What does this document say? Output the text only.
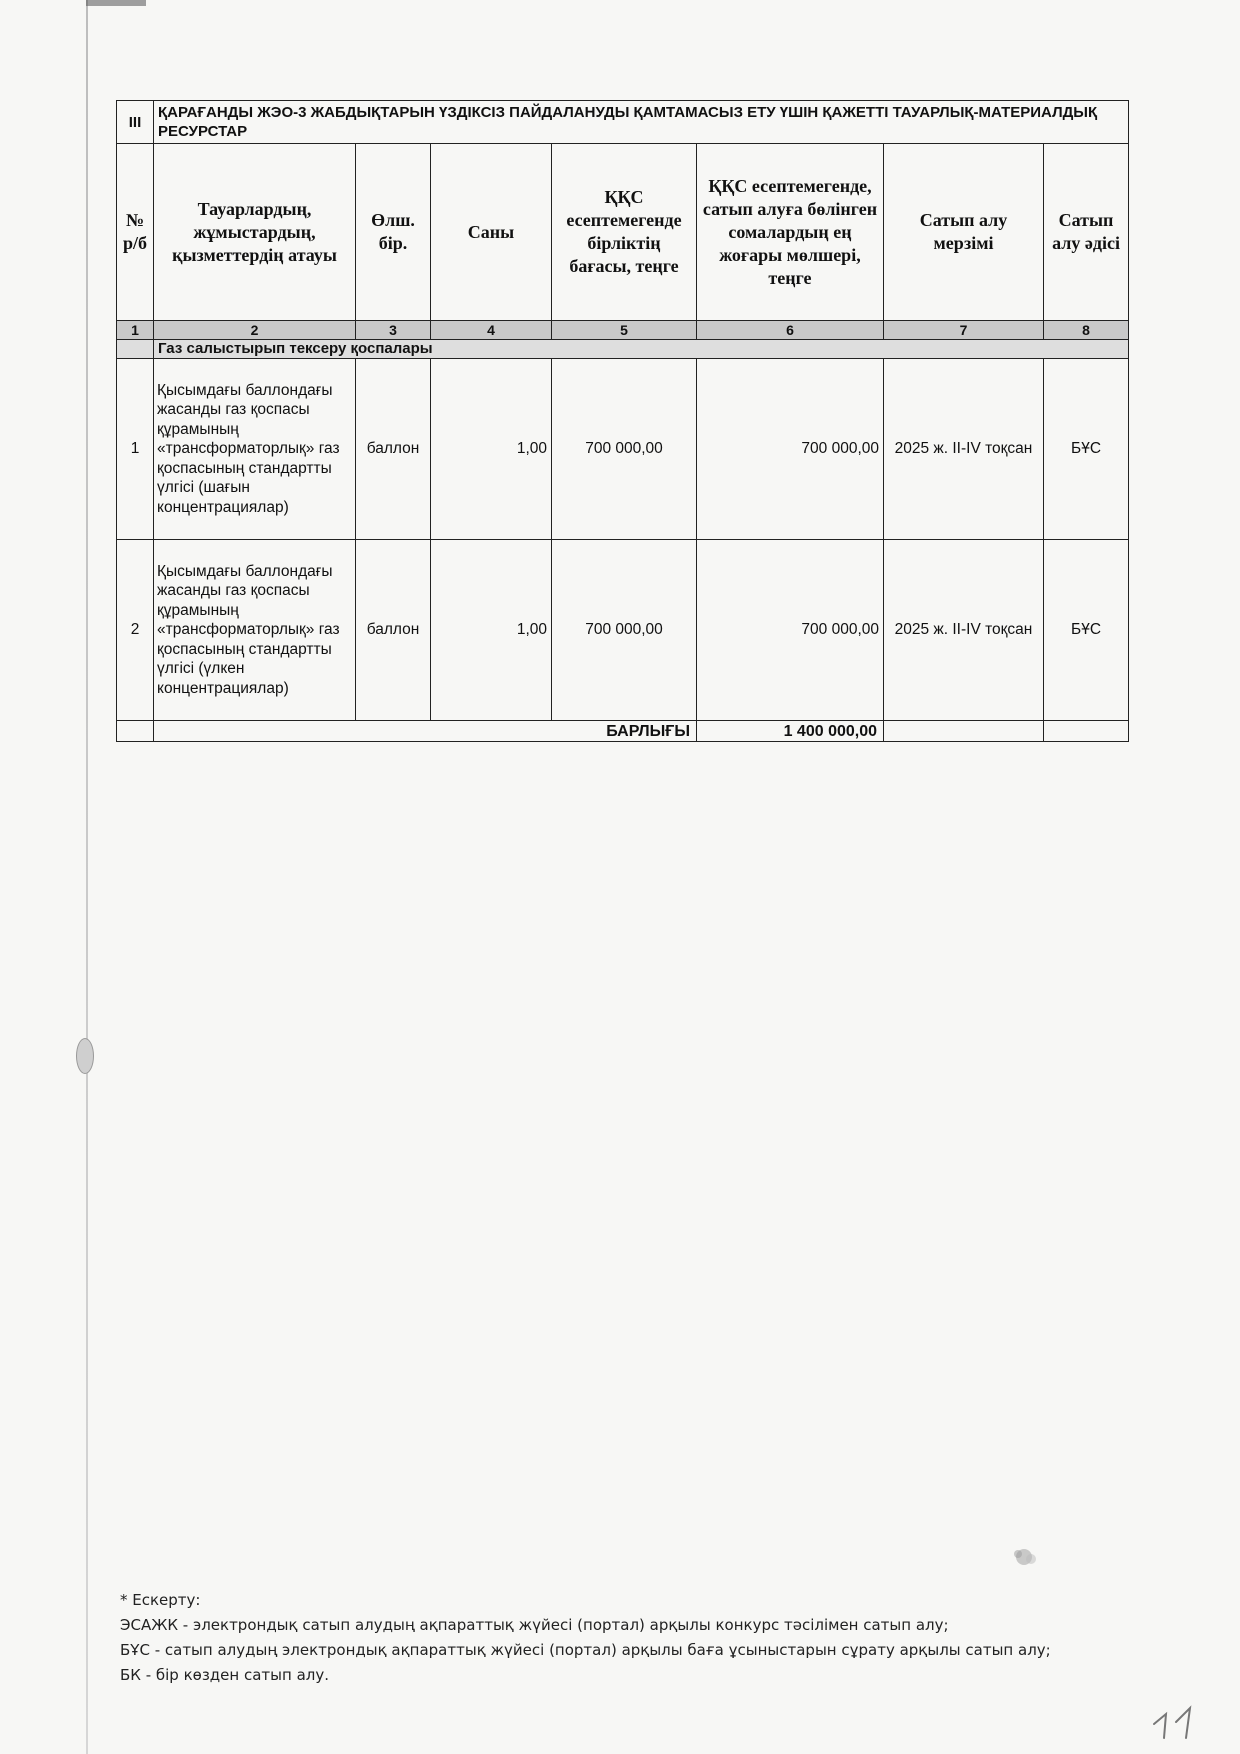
III	ҚАРАҒАНДЫ ЖЭО-3 ЖАБДЫҚТАРЫН ҮЗДІКСІЗ ПАЙДАЛАНУДЫ ҚАМТАМАСЫЗ ЕТУ ҮШІН ҚАЖЕТТІ ТАУАРЛЫҚ-МАТЕРИАЛДЫҚ РЕСУРСТАР						
№ р/б	Тауарлардың, жұмыстардың, қызметтердің атауы	Өлш. бір.	Саны	ҚҚС есептемегенде бірліктің бағасы, теңге	ҚҚС есептемегенде, сатып алуға бөлінген сомалардың ең жоғары мөлшері, теңге	Сатып алу мерзімі	Сатып алу әдісі
1	2	3	4	5	6	7	8
	Газ салыстырып тексеру қоспалары						
1	Қысымдағы баллондағы жасанды газ қоспасы құрамының «трансформаторлық» газ қоспасының стандартты үлгісі (шағын концентрациялар)	баллон	1,00	700 000,00	700 000,00	2025 ж. II-IV тоқсан	БҰС
2	Қысымдағы баллондағы жасанды газ қоспасы құрамының «трансформаторлық» газ қоспасының стандартты үлгісі (үлкен концентрациялар)	баллон	1,00	700 000,00	700 000,00	2025 ж. II-IV тоқсан	БҰС
	БАРЛЫҒЫ				1 400 000,00		

* Ескерту:

ЭСАЖК - электрондық сатып алудың ақпараттық жүйесі (портал) арқылы конкурс тәсілімен сатып алу;

БҰС - сатып алудың электрондық ақпараттық жүйесі (портал) арқылы баға ұсыныстарын сұрату арқылы сатып алу;

БК - бір көзден сатып алу.
